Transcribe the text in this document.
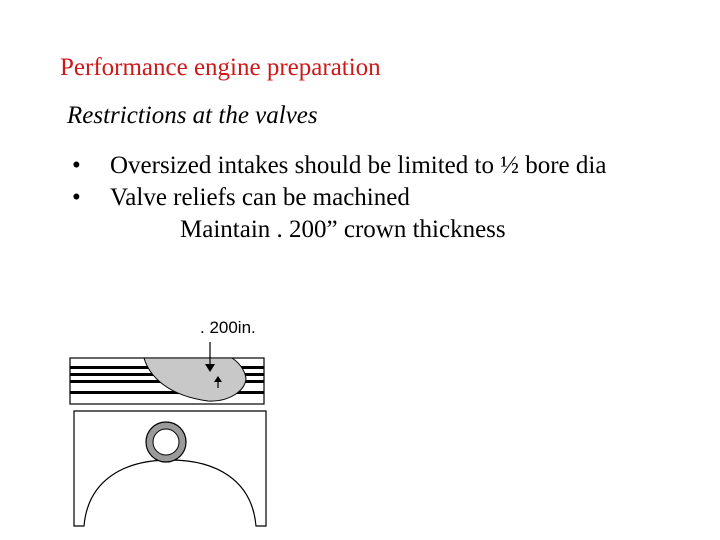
Performance engine preparation
Restrictions at the valves
• Oversized intakes should be limited to ½ bore dia
• Valve reliefs can be machined
Maintain . 200” crown thickness
. 200in.
